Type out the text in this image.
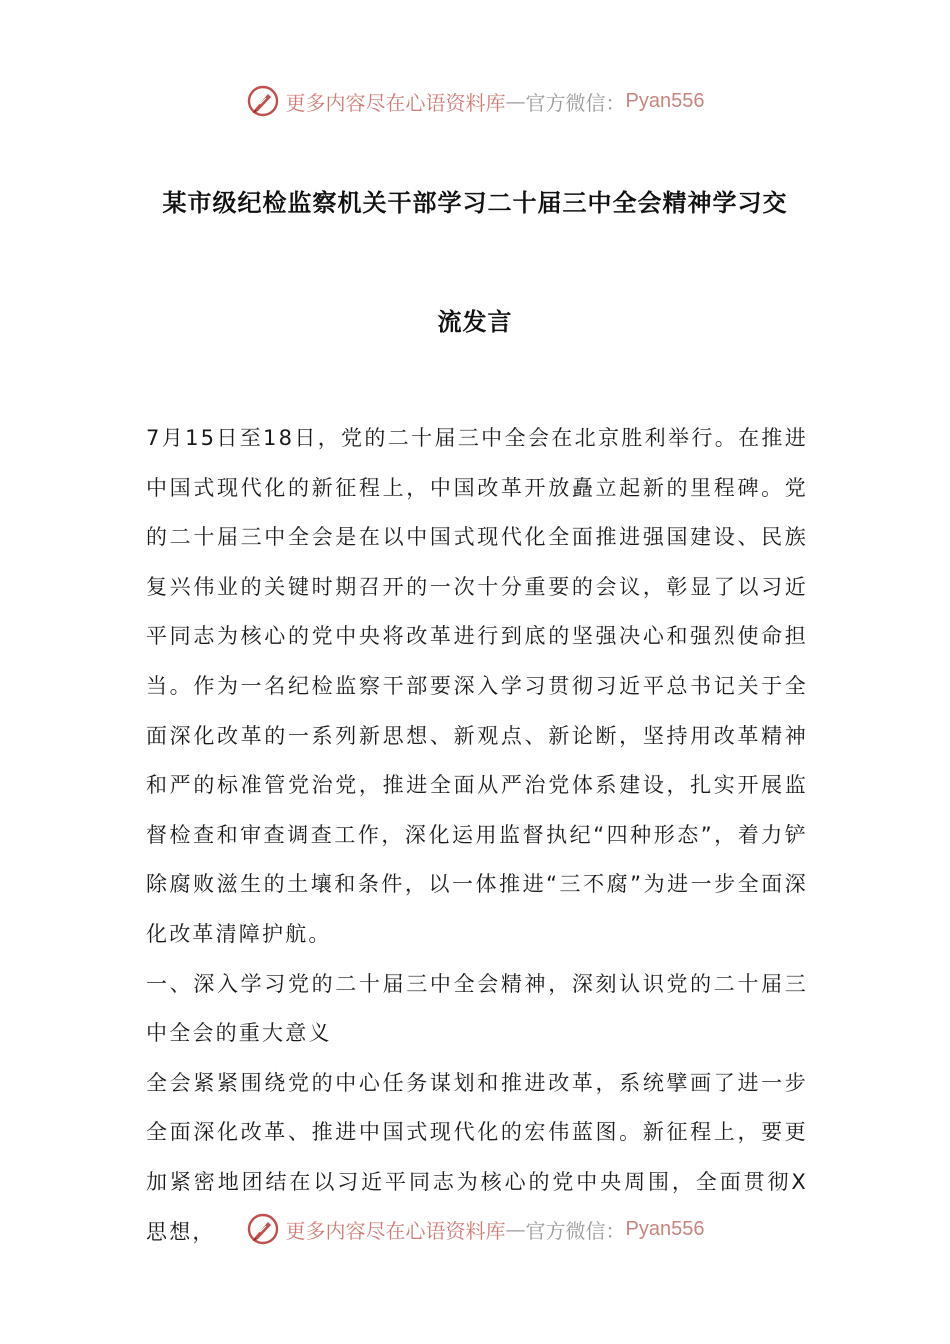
更多内容尽在心语资料库 — 官方微信： Pyan556
某市级纪检监察机关干部学习二十届三中全会精神学习交
流发言

7月15日至18日，党的二十届三中全会在北京胜利举行。在推进中国式现代化的新征程上，中国改革开放矗立起新的里程碑。党的二十届三中全会是在以中国式现代化全面推进强国建设、民族复兴伟业的关键时期召开的一次十分重要的会议，彰显了以习近平同志为核心的党中央将改革进行到底的坚强决心和强烈使命担当。作为一名纪检监察干部要深入学习贯彻习近平总书记关于全面深化改革的一系列新思想、新观点、新论断，坚持用改革精神和严的标准管党治党，推进全面从严治党体系建设，扎实开展监督检查和审查调查工作，深化运用监督执纪“四种形态”，着力铲除腐败滋生的土壤和条件，以一体推进“三不腐”为进一步全面深化改革清障护航。

一、深入学习党的二十届三中全会精神，深刻认识党的二十届三中全会的重大意义

全会紧紧围绕党的中心任务谋划和推进改革，系统擘画了进一步全面深化改革、推进中国式现代化的宏伟蓝图。新征程上，要更加紧密地团结在以习近平同志为核心的党中央周围，全面贯彻X思想，	更多内容尽在心语资料库 — 官方微信： Pyan556
